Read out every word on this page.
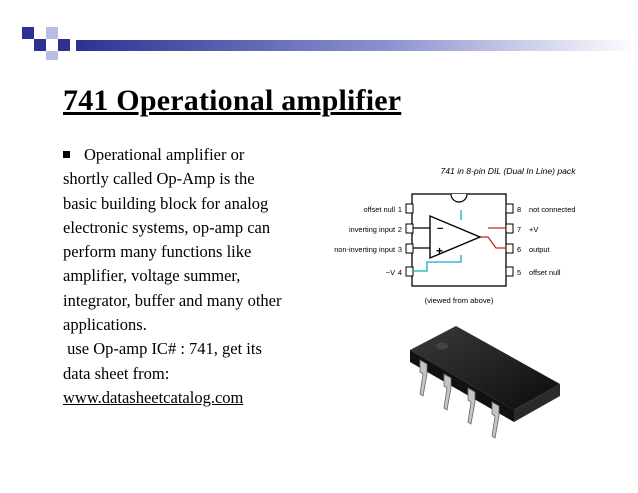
741 Operational amplifier
Operational amplifier or
shortly called Op-Amp is the
basic building block for analog
electronic systems, op-amp can
perform many functions like
amplifier, voltage summer,
integrator, buffer and many other
applications.
use Op-amp IC# : 741, get its
data sheet from:
www.datasheetcatalog.com
741 in 8-pin DIL (Dual In Line) pack
offset null 1
inverting input 2
non-inverting input 3
−V 4
8 not connected
7 +V
6 output
5 offset null
−
+
(viewed from above)
